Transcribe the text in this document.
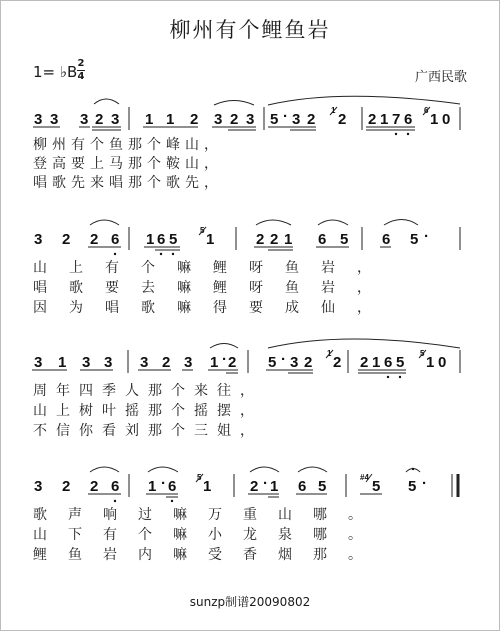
柳州有个鲤鱼岩
1= ♭B 2
4	广西民歌
3 3 3 2 3 1 1 2 3 2 3 5 · 3 2
1
2 2 1 7 6
6
1 0
3 2 2 6 1 6 5
5
1	2 2 1 6 5 6 5 ·
3 1 3 3 3 2 3 1 · 2 5 · 3 2
1
2 2 1 6 5
5
1 0
3 2 2 6 1 · 6
5
1	2 · 1 6 5
#4
5 5 ·
柳州有个鱼那个峰山，
登高要上马那个鞍山，
唱歌先来唱那个歌先，
山上有个嘛鲤呀鱼岩，
唱歌要去嘛鲤呀鱼岩，
因为唱歌嘛得要成仙，
周年四季人那个来往，
山上树叶摇那个摇摆，
不信你看刘那个三姐，
歌声响过嘛万重山哪。
山下有个嘛小龙泉哪。
鲤鱼岩内嘛受香烟那。
sunzp制谱20090802
